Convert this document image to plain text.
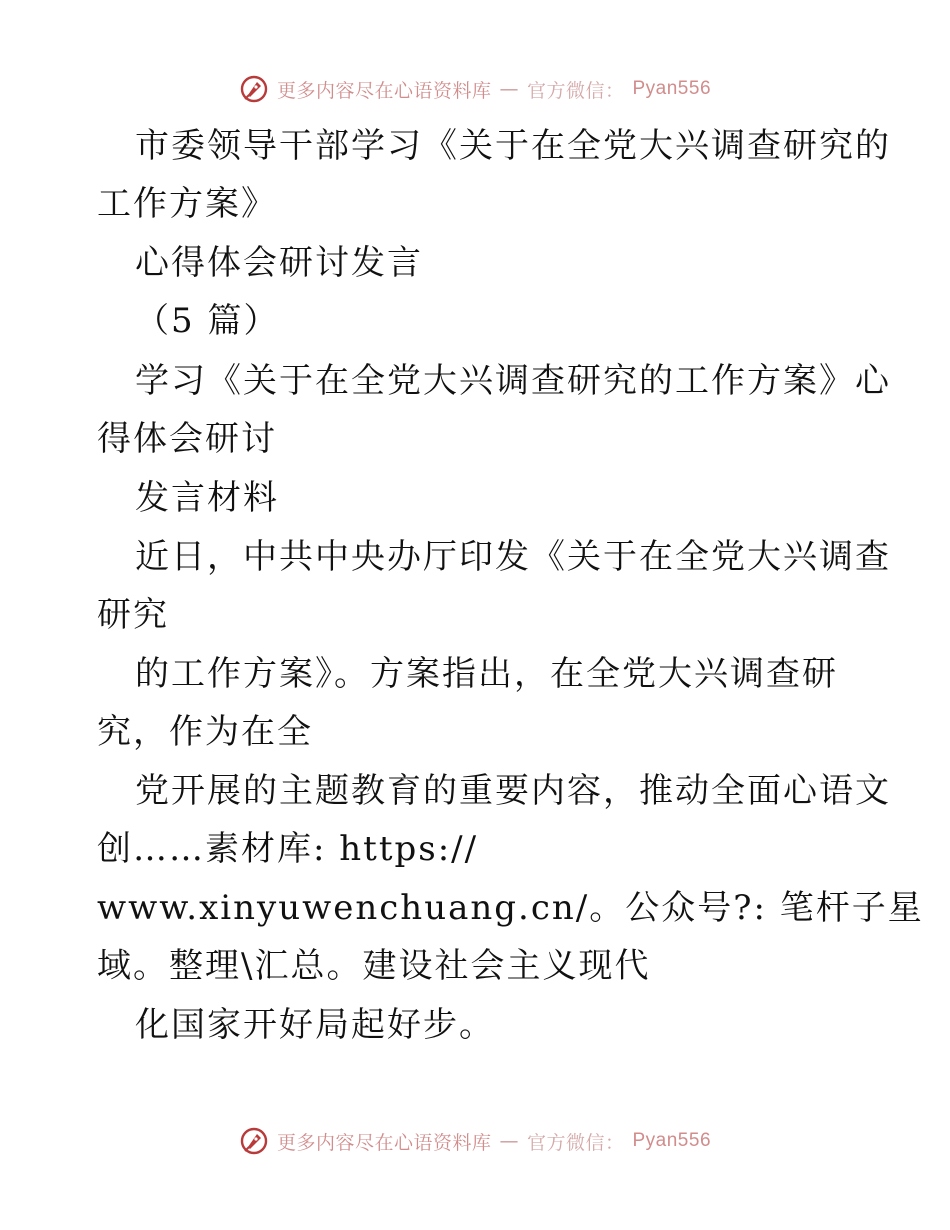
更多内容尽在心语资料库 — 官方微信： Pyan556
市委领导干部学习《关于在全党大兴调查研究的
工作方案》
心得体会研讨发言
（5 篇）
学习《关于在全党大兴调查研究的工作方案》心
得体会研讨
发言材料
近日，中共中央办厅印发《关于在全党大兴调查
研究
的工作方案》。方案指出，在全党大兴调查研
究，作为在全
党开展的主题教育的重要内容，推动全面心语文
创……素材库: https://
www.xinyuwenchuang.cn/。公众号?: 笔杆子星
域。整理\汇总。建设社会主义现代
化国家开好局起好步。
更多内容尽在心语资料库 — 官方微信： Pyan556
